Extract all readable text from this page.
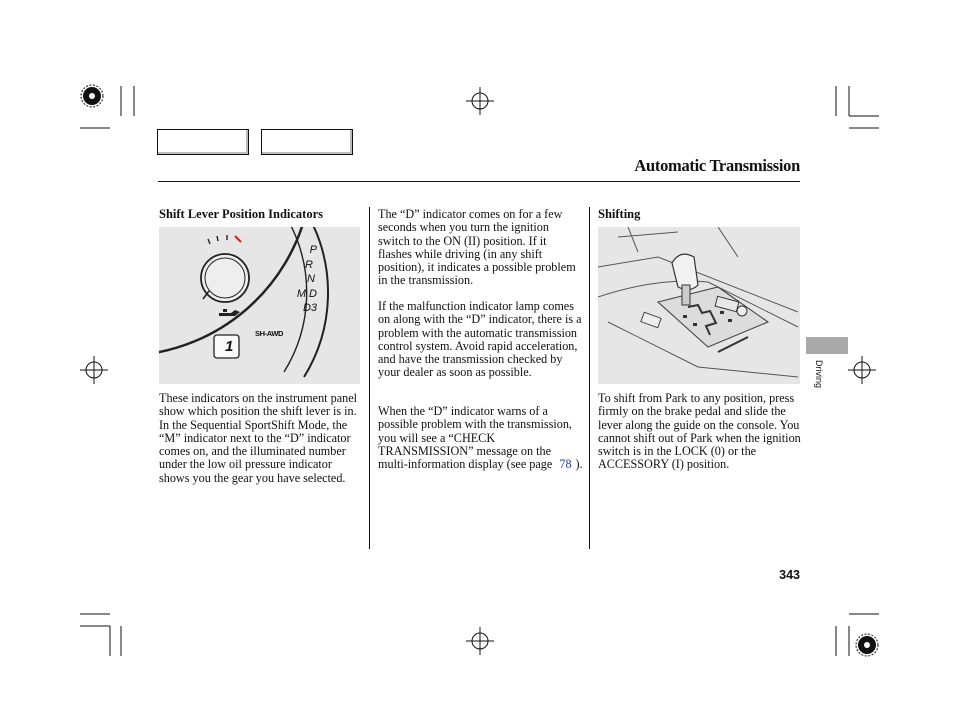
Automatic Transmission
Shift Lever Position Indicators
P
R
N
M D
D3
SH-AWD
1
These indicators on the instrument panel show which position the shift lever is in. In the Sequential SportShift Mode, the “M” indicator next to the “D” indicator comes on, and the illuminated number under the low oil pressure indicator shows you the gear you have selected.
The “D” indicator comes on for a few seconds when you turn the ignition switch to the ON (II) position. If it flashes while driving (in any shift position), it indicates a possible problem in the transmission.
If the malfunction indicator lamp comes on along with the “D” indicator, there is a problem with the automatic transmission control system. Avoid rapid acceleration, and have the transmission checked by your dealer as soon as possible.
When the “D” indicator warns of a possible problem with the transmission, you will see a “CHECK TRANSMISSION” message on the multi-information display (see page 78 ).
Shifting
To shift from Park to any position, press firmly on the brake pedal and slide the lever along the guide on the console. You cannot shift out of Park when the ignition switch is in the LOCK (0) or the ACCESSORY (I) position.
Driving
343
